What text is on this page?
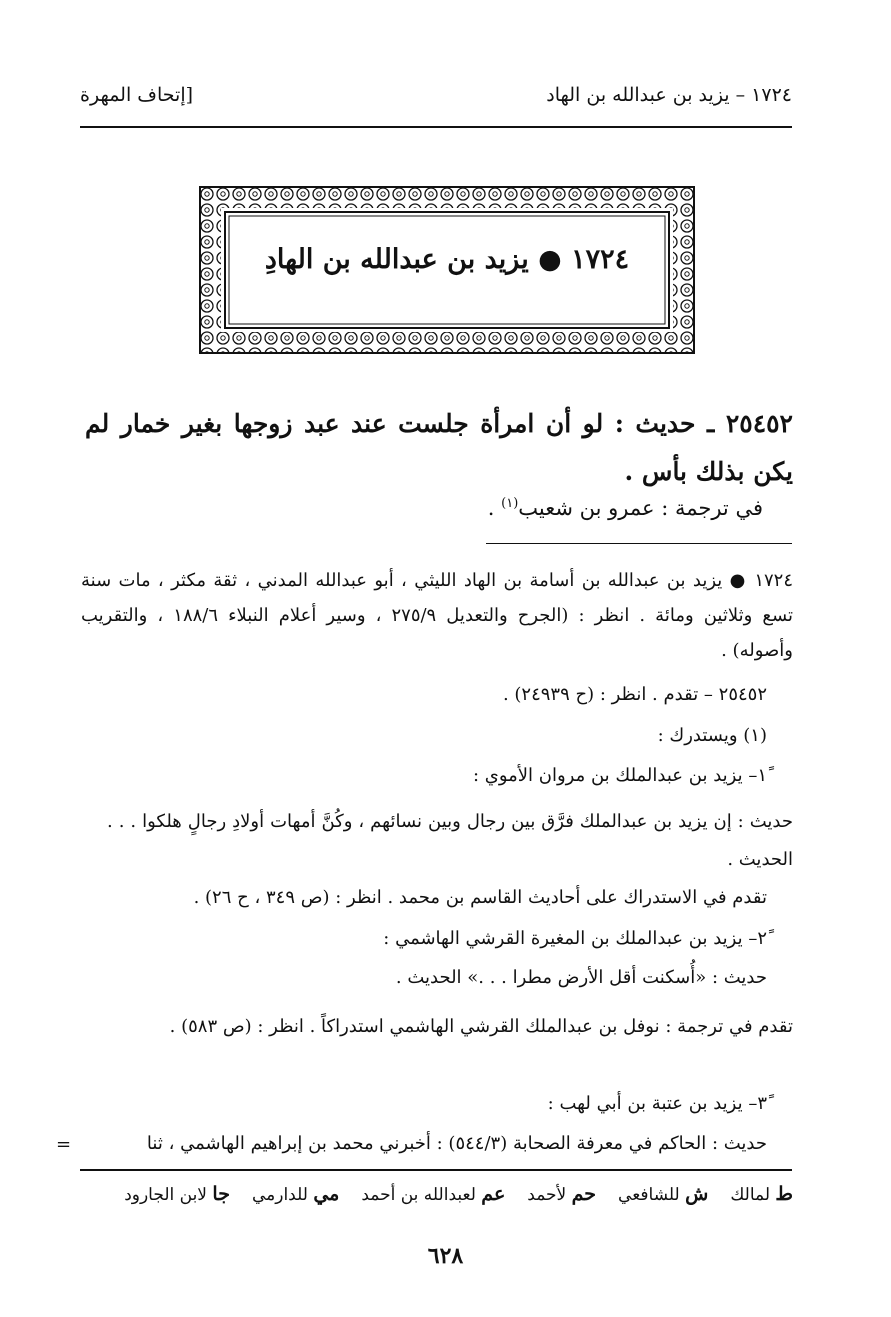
١٧٢٤ – يزيد بن عبدالله بن الهاد
[إتحاف المهرة
١٧٢٤ ● يزيد بن عبدالله بن الهادِ
٢٥٤٥٢ ـ حديث : لو أن امرأة جلست عند عبد زوجها بغير خمار لم يكن بذلك بأس .
في ترجمة : عمرو بن شعيب$^{(١)}$ .
١٧٢٤ ● يزيد بن عبدالله بن أسامة بن الهاد الليثي ، أبو عبدالله المدني ، ثقة مكثر ، مات سنة تسع وثلاثين ومائة . انظر : (الجرح والتعديل ٢٧٥/٩ ، وسير أعلام النبلاء ١٨٨/٦ ، والتقريب وأصوله) .
٢٥٤٥٢ – تقدم . انظر : (ح ٢٤٩٣٩) .
(١) ويستدرك :
١ً– يزيد بن عبدالملك بن مروان الأموي :
حديث : إن يزيد بن عبدالملك فرَّق بين رجال وبين نسائهم ، وكُنَّ أمهات أولادِ رجالٍ هلكوا . . . الحديث .
تقدم في الاستدراك على أحاديث القاسم بن محمد . انظر : (ص ٣٤٩ ، ح ٢٦) .
٢ً– يزيد بن عبدالملك بن المغيرة القرشي الهاشمي :
حديث : «أُسكنت أقل الأرض مطرا . . .» الحديث .
تقدم في ترجمة : نوفل بن عبدالملك القرشي الهاشمي استدراكاً . انظر : (ص ٥٨٣) .
٣ً– يزيد بن عتبة بن أبي لهب :
حديث : الحاكم في معرفة الصحابة (٥٤٤/٣) : أخبرني محمد بن إبراهيم الهاشمي ، ثنا
=
ط لمالك
ش للشافعي
حم لأحمد
عم لعبدالله بن أحمد
مي للدارمي
جا لابن الجارود
٦٢٨
